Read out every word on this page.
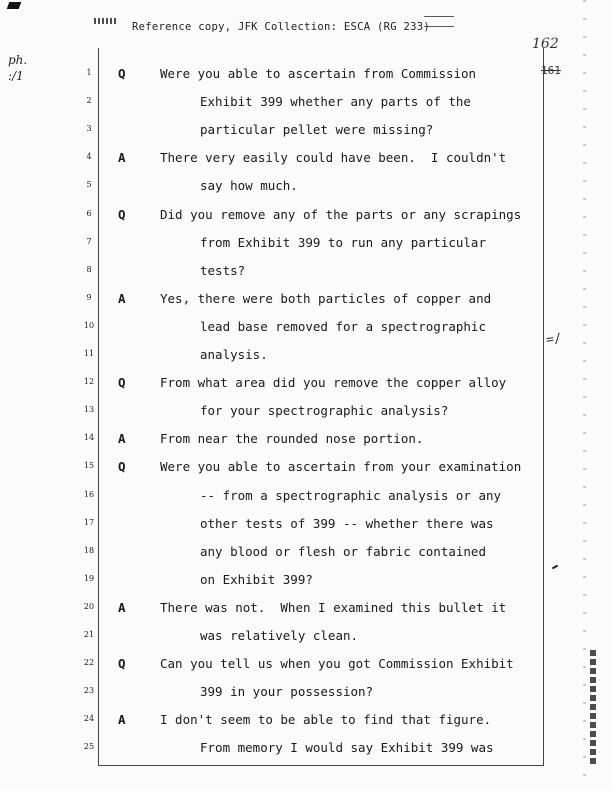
Reference copy, JFK Collection: ESCA (RG 233)
162
161
ph.
:/1
=/
1	Q	Were you able to ascertain from Commission
2	Exhibit 399 whether any parts of the
3	particular pellet were missing?
4	A	There very easily could have been.  I couldn't
5	say how much.
6	Q	Did you remove any of the parts or any scrapings
7	from Exhibit 399 to run any particular
8	tests?
9	A	Yes, there were both particles of copper and
10	lead base removed for a spectrographic
11	analysis.
12 Q	From what area did you remove the copper alloy
13	for your spectrographic analysis?
14 A	From near the rounded nose portion.
15 Q	Were you able to ascertain from your examination
16	-- from a spectrographic analysis or any
17	other tests of 399 -- whether there was
18	any blood or flesh or fabric contained
19	on Exhibit 399?
20 A	There was not.  When I examined this bullet it
21	was relatively clean.
22 Q	Can you tell us when you got Commission Exhibit
23	399 in your possession?
24 A	I don't seem to be able to find that figure.
25	From memory I would say Exhibit 399 was
